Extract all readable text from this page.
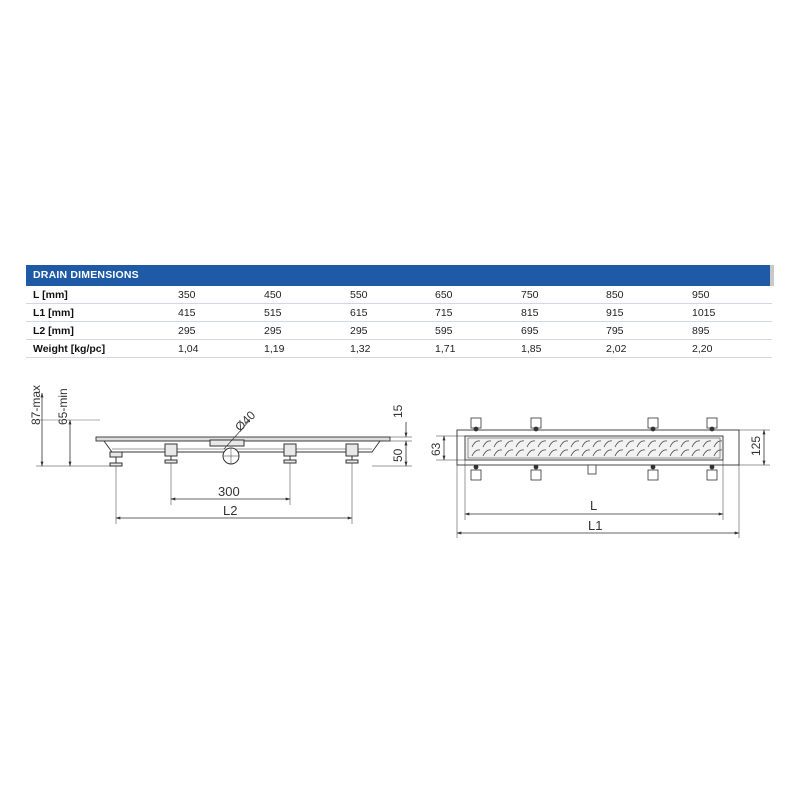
DRAIN DIMENSIONS
L [mm]	350	450	550	650	750	850	950
L1 [mm]	415	515	615	715	815	915	1015
L2 [mm]	295	295	295	595	695	795	895
Weight [kg/pc]	1,04	1,19	1,32	1,71	1,85	2,02	2,20
87-max 65-min	Ø40	15
50
300
L2
63	125
L
L1
